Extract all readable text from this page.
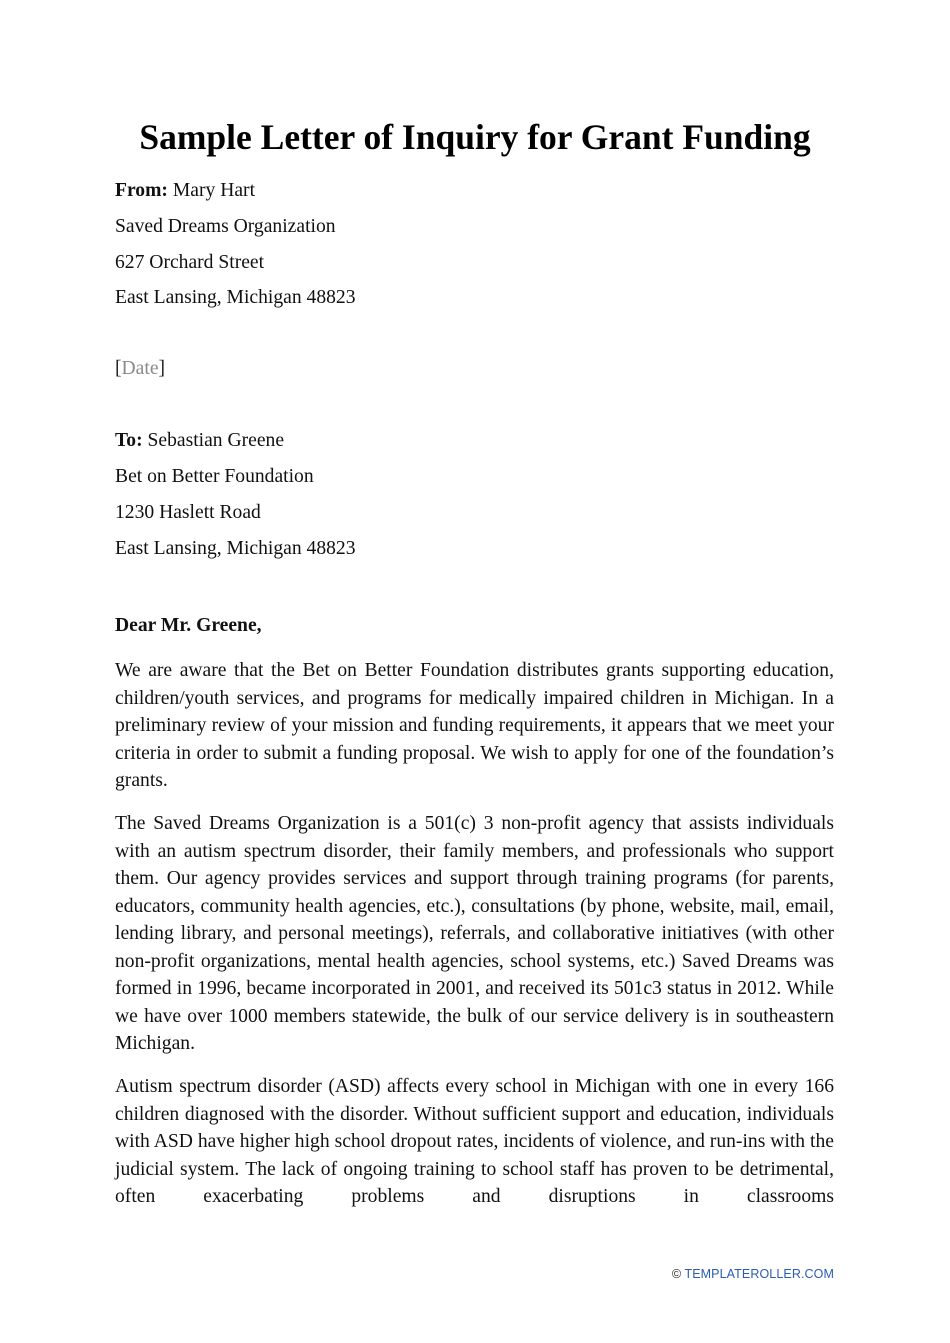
Sample Letter of Inquiry for Grant Funding
From: Mary Hart
Saved Dreams Organization
627 Orchard Street
East Lansing, Michigan 48823
[Date]
To: Sebastian Greene
Bet on Better Foundation
1230 Haslett Road
East Lansing, Michigan 48823
Dear Mr. Greene,
We are aware that the Bet on Better Foundation distributes grants supporting education, children/youth services, and programs for medically impaired children in Michigan. In a preliminary review of your mission and funding requirements, it appears that we meet your criteria in order to submit a funding proposal. We wish to apply for one of the foundation’s grants.
The Saved Dreams Organization is a 501(c) 3 non-profit agency that assists individuals with an autism spectrum disorder, their family members, and professionals who support them. Our agency provides services and support through training programs (for parents, educators, community health agencies, etc.), consultations (by phone, website, mail, email, lending library, and personal meetings), referrals, and collaborative initiatives (with other non-profit organizations, mental health agencies, school systems, etc.) Saved Dreams was formed in 1996, became incorporated in 2001, and received its 501c3 status in 2012. While we have over 1000 members statewide, the bulk of our service delivery is in southeastern Michigan.
Autism spectrum disorder (ASD) affects every school in Michigan with one in every 166 children diagnosed with the disorder. Without sufficient support and education, individuals with ASD have higher high school dropout rates, incidents of violence, and run-ins with the judicial system. The lack of ongoing training to school staff has proven to be detrimental, often exacerbating problems and disruptions in classrooms
© TEMPLATEROLLER.COM
